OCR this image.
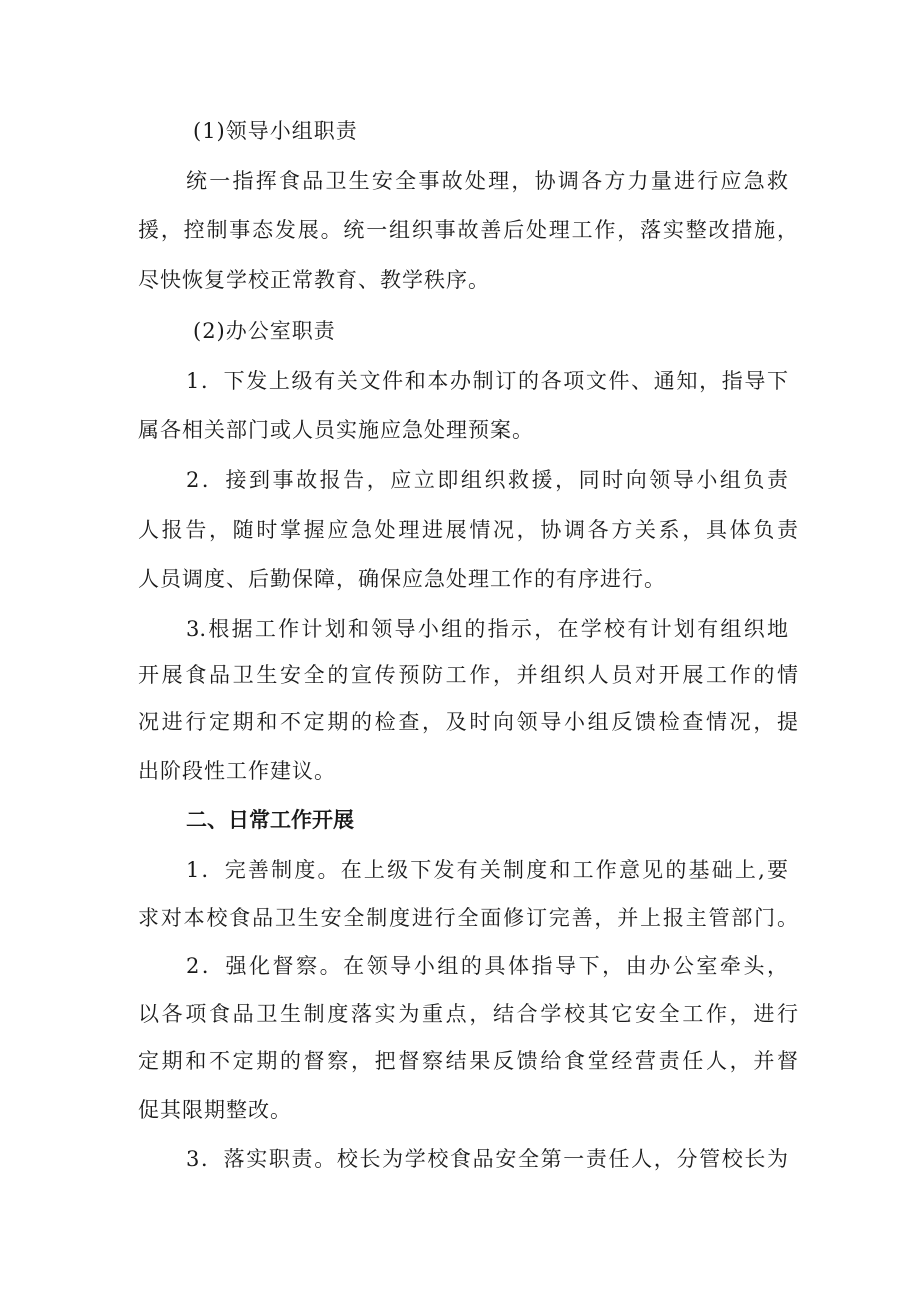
(1)领导小组职责
统一指挥食品卫生安全事故处理，协调各方力量进行应急救
援，控制事态发展。统一组织事故善后处理工作，落实整改措施，
尽快恢复学校正常教育、教学秩序。
(2)办公室职责
1．下发上级有关文件和本办制订的各项文件、通知，指导下
属各相关部门或人员实施应急处理预案。
2．接到事故报告，应立即组织救援，同时向领导小组负责
人报告，随时掌握应急处理进展情况，协调各方关系，具体负责
人员调度、后勤保障，确保应急处理工作的有序进行。
3.根据工作计划和领导小组的指示，在学校有计划有组织地
开展食品卫生安全的宣传预防工作，并组织人员对开展工作的情
况进行定期和不定期的检查，及时向领导小组反馈检查情况，提
出阶段性工作建议。
二、日常工作开展
1．完善制度。在上级下发有关制度和工作意见的基础上,要
求对本校食品卫生安全制度进行全面修订完善，并上报主管部门。
2．强化督察。在领导小组的具体指导下，由办公室牵头，
以各项食品卫生制度落实为重点，结合学校其它安全工作，进行
定期和不定期的督察，把督察结果反馈给食堂经营责任人，并督
促其限期整改。
3．落实职责。校长为学校食品安全第一责任人，分管校长为
